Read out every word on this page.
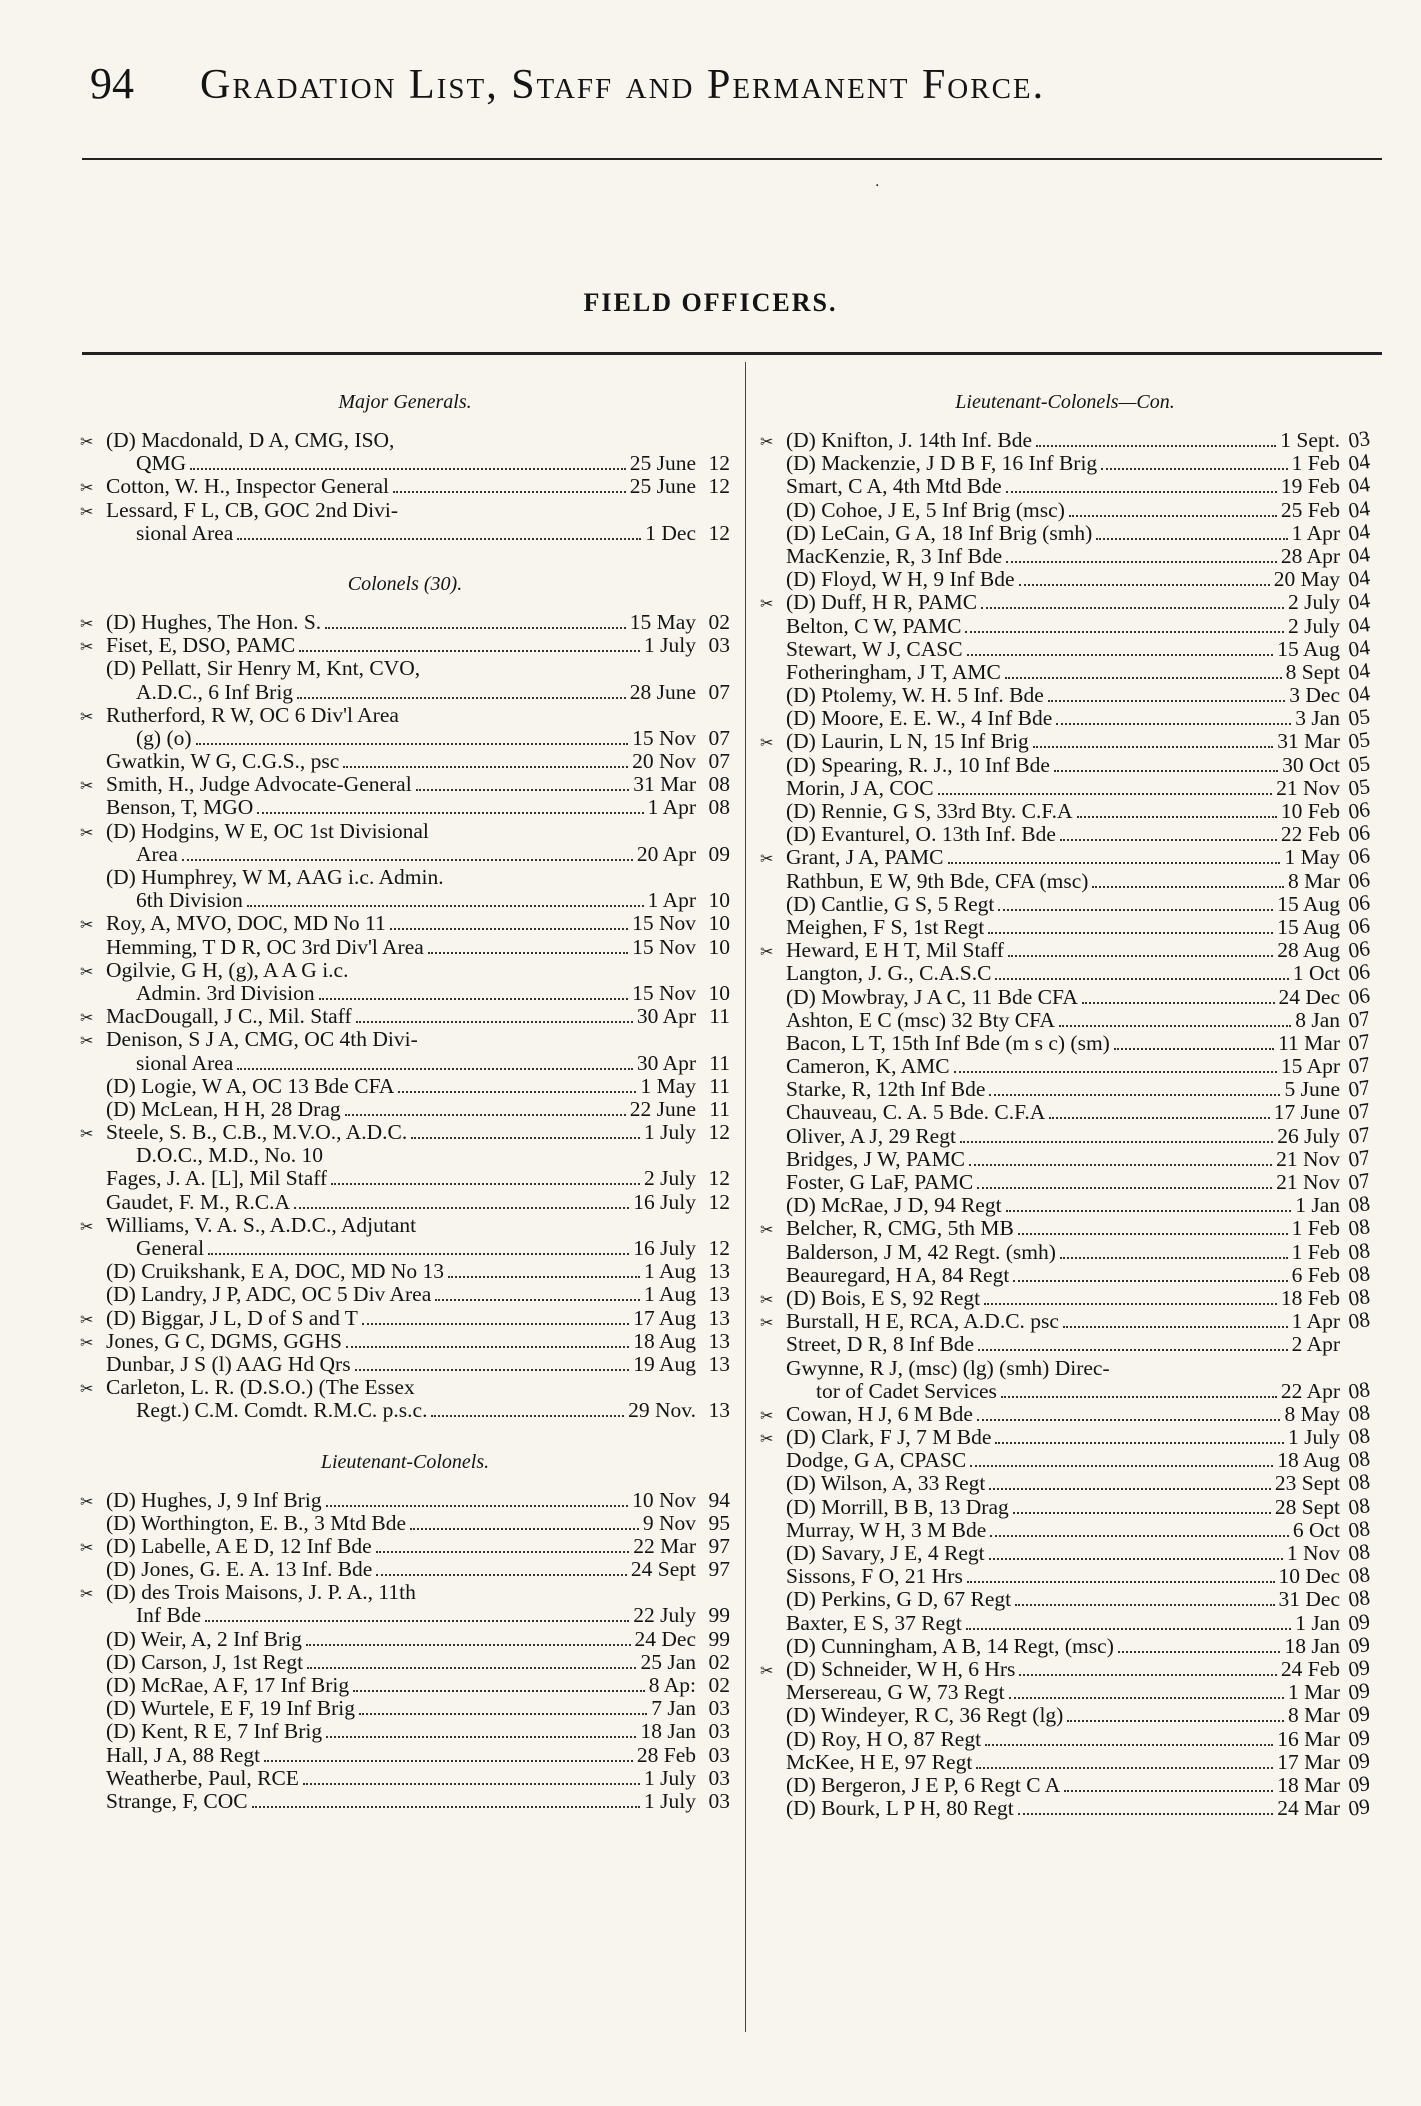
94 Gradation List, Staff and Permanent Force.
·
FIELD OFFICERS.
Major Generals.
✂ (D) Macdonald, D A, CMG, ISO,
QMG	25 June 12
✂ Cotton, W. H., Inspector General	25 June 12
✂ Lessard, F L, CB, GOC 2nd Divi-
sional Area	1 Dec 12
Colonels (30).
✂ (D) Hughes, The Hon. S.	15 May 02
✂ Fiset, E, DSO, PAMC	1 July 03
(D) Pellatt, Sir Henry M, Knt, CVO,
A.D.C., 6 Inf Brig	28 June 07
✂ Rutherford, R W, OC 6 Div'l Area
(g) (o)	15 Nov 07
Gwatkin, W G, C.G.S., psc	20 Nov 07
✂ Smith, H., Judge Advocate-General	31 Mar 08
Benson, T, MGO	1 Apr 08
✂ (D) Hodgins, W E, OC 1st Divisional
Area	20 Apr 09
(D) Humphrey, W M, AAG i.c. Admin.
6th Division	1 Apr 10
✂ Roy, A, MVO, DOC, MD No 11	15 Nov 10
Hemming, T D R, OC 3rd Div'l Area	15 Nov 10
✂ Ogilvie, G H, (g), A A G i.c.
Admin. 3rd Division	15 Nov 10
✂ MacDougall, J C., Mil. Staff	30 Apr 11
✂ Denison, S J A, CMG, OC 4th Divi-
sional Area	30 Apr 11
(D) Logie, W A, OC 13 Bde CFA	1 May 11
(D) McLean, H H, 28 Drag	22 June 11
✂ Steele, S. B., C.B., M.V.O., A.D.C.	1 July 12
D.O.C., M.D., No. 10
Fages, J. A. [L], Mil Staff	2 July 12
Gaudet, F. M., R.C.A	16 July 12
✂ Williams, V. A. S., A.D.C., Adjutant
General	16 July 12
(D) Cruikshank, E A, DOC, MD No 13	1 Aug 13
(D) Landry, J P, ADC, OC 5 Div Area	1 Aug 13
✂ (D) Biggar, J L, D of S and T	17 Aug 13
✂ Jones, G C, DGMS, GGHS	18 Aug 13
Dunbar, J S (l) AAG Hd Qrs	19 Aug 13
✂ Carleton, L. R. (D.S.O.) (The Essex
Regt.) C.M. Comdt. R.M.C. p.s.c.	29 Nov. 13
Lieutenant-Colonels.
✂ (D) Hughes, J, 9 Inf Brig	10 Nov 94
(D) Worthington, E. B., 3 Mtd Bde	9 Nov 95
✂ (D) Labelle, A E D, 12 Inf Bde	22 Mar 97
(D) Jones, G. E. A. 13 Inf. Bde	24 Sept 97
✂ (D) des Trois Maisons, J. P. A., 11th
Inf Bde	22 July 99
(D) Weir, A, 2 Inf Brig	24 Dec 99
(D) Carson, J, 1st Regt	25 Jan 02
(D) McRae, A F, 17 Inf Brig	8 Ap: 02
(D) Wurtele, E F, 19 Inf Brig	7 Jan 03
(D) Kent, R E, 7 Inf Brig	18 Jan 03
Hall, J A, 88 Regt	28 Feb 03
Weatherbe, Paul, RCE	1 July 03
Strange, F, COC	1 July 03
Lieutenant-Colonels—Con.
✂ (D) Knifton, J. 14th Inf. Bde	1 Sept. 03
(D) Mackenzie, J D B F, 16 Inf Brig	1 Feb 04
Smart, C A, 4th Mtd Bde	19 Feb 04
(D) Cohoe, J E, 5 Inf Brig (msc)	25 Feb 04
(D) LeCain, G A, 18 Inf Brig (smh)	1 Apr 04
MacKenzie, R, 3 Inf Bde	28 Apr 04
(D) Floyd, W H, 9 Inf Bde	20 May 04
✂ (D) Duff, H R, PAMC	2 July 04
Belton, C W, PAMC	2 July 04
Stewart, W J, CASC	15 Aug 04
Fotheringham, J T, AMC	8 Sept 04
(D) Ptolemy, W. H. 5 Inf. Bde	3 Dec 04
(D) Moore, E. E. W., 4 Inf Bde	3 Jan 05
✂ (D) Laurin, L N, 15 Inf Brig	31 Mar 05
(D) Spearing, R. J., 10 Inf Bde	30 Oct 05
Morin, J A, COC	21 Nov 05
(D) Rennie, G S, 33rd Bty. C.F.A	10 Feb 06
(D) Evanturel, O. 13th Inf. Bde	22 Feb 06
✂ Grant, J A, PAMC	1 May 06
Rathbun, E W, 9th Bde, CFA (msc)	8 Mar 06
(D) Cantlie, G S, 5 Regt	15 Aug 06
Meighen, F S, 1st Regt	15 Aug 06
✂ Heward, E H T, Mil Staff	28 Aug 06
Langton, J. G., C.A.S.C	1 Oct 06
(D) Mowbray, J A C, 11 Bde CFA	24 Dec 06
Ashton, E C (msc) 32 Bty CFA	8 Jan 07
Bacon, L T, 15th Inf Bde (m s c) (sm)	11 Mar 07
Cameron, K, AMC	15 Apr 07
Starke, R, 12th Inf Bde	5 June 07
Chauveau, C. A. 5 Bde. C.F.A	17 June 07
Oliver, A J, 29 Regt	26 July 07
Bridges, J W, PAMC	21 Nov 07
Foster, G LaF, PAMC	21 Nov 07
(D) McRae, J D, 94 Regt	1 Jan 08
✂ Belcher, R, CMG, 5th MB	1 Feb 08
Balderson, J M, 42 Regt. (smh)	1 Feb 08
Beauregard, H A, 84 Regt	6 Feb 08
✂ (D) Bois, E S, 92 Regt	18 Feb 08
✂ Burstall, H E, RCA, A.D.C. psc	1 Apr 08
Street, D R, 8 Inf Bde	2 Apr
Gwynne, R J, (msc) (lg) (smh) Direc-
tor of Cadet Services	22 Apr 08
✂ Cowan, H J, 6 M Bde	8 May 08
✂ (D) Clark, F J, 7 M Bde	1 July 08
Dodge, G A, CPASC	18 Aug 08
(D) Wilson, A, 33 Regt	23 Sept 08
(D) Morrill, B B, 13 Drag	28 Sept 08
Murray, W H, 3 M Bde	6 Oct 08
(D) Savary, J E, 4 Regt	1 Nov 08
Sissons, F O, 21 Hrs	10 Dec 08
(D) Perkins, G D, 67 Regt	31 Dec 08
Baxter, E S, 37 Regt	1 Jan 09
(D) Cunningham, A B, 14 Regt, (msc)	18 Jan 09
✂ (D) Schneider, W H, 6 Hrs	24 Feb 09
Mersereau, G W, 73 Regt	1 Mar 09
(D) Windeyer, R C, 36 Regt (lg)	8 Mar 09
(D) Roy, H O, 87 Regt	16 Mar 09
McKee, H E, 97 Regt	17 Mar 09
(D) Bergeron, J E P, 6 Regt C A	18 Mar 09
(D) Bourk, L P H, 80 Regt	24 Mar 09
